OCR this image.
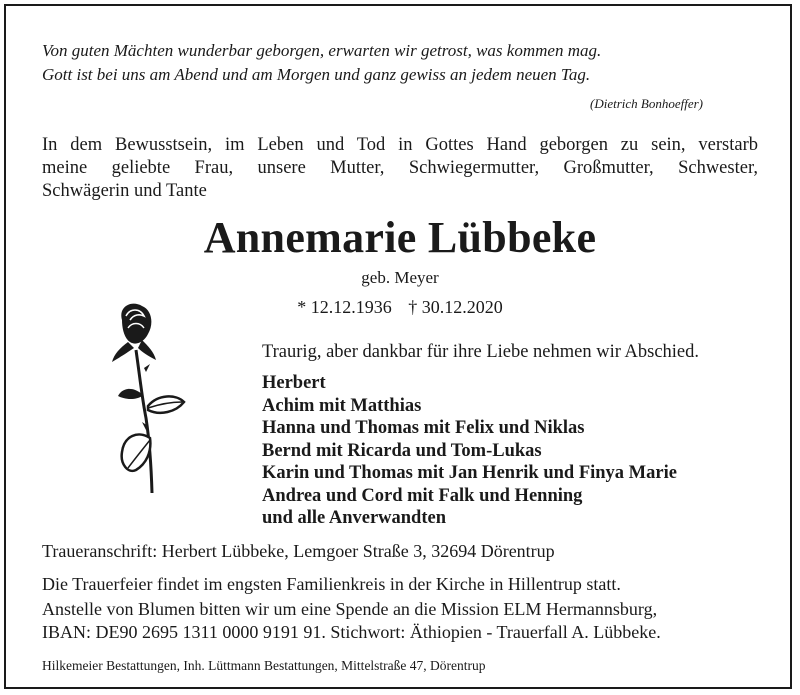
Von guten Mächten wunderbar geborgen, erwarten wir getrost, was kommen mag.
Gott ist bei uns am Abend und am Morgen und ganz gewiss an jedem neuen Tag.
(Dietrich Bonhoeffer)
In dem Bewusstsein, im Leben und Tod in Gottes Hand geborgen zu sein, verstarb
meine geliebte Frau, unsere Mutter, Schwiegermutter, Großmutter, Schwester,
Schwägerin und Tante
Annemarie Lübbeke
geb. Meyer
* 12.12.1936 † 30.12.2020
Traurig, aber dankbar für ihre Liebe nehmen wir Abschied.
Herbert
Achim mit Matthias
Hanna und Thomas mit Felix und Niklas
Bernd mit Ricarda und Tom-Lukas
Karin und Thomas mit Jan Henrik und Finya Marie
Andrea und Cord mit Falk und Henning
und alle Anverwandten
Traueranschrift: Herbert Lübbeke, Lemgoer Straße 3, 32694 Dörentrup
Die Trauerfeier findet im engsten Familienkreis in der Kirche in Hillentrup statt.
Anstelle von Blumen bitten wir um eine Spende an die Mission ELM Hermannsburg,
IBAN: DE90 2695 1311 0000 9191 91. Stichwort: Äthiopien - Trauerfall A. Lübbeke.
Hilkemeier Bestattungen, Inh. Lüttmann Bestattungen, Mittelstraße 47, Dörentrup
